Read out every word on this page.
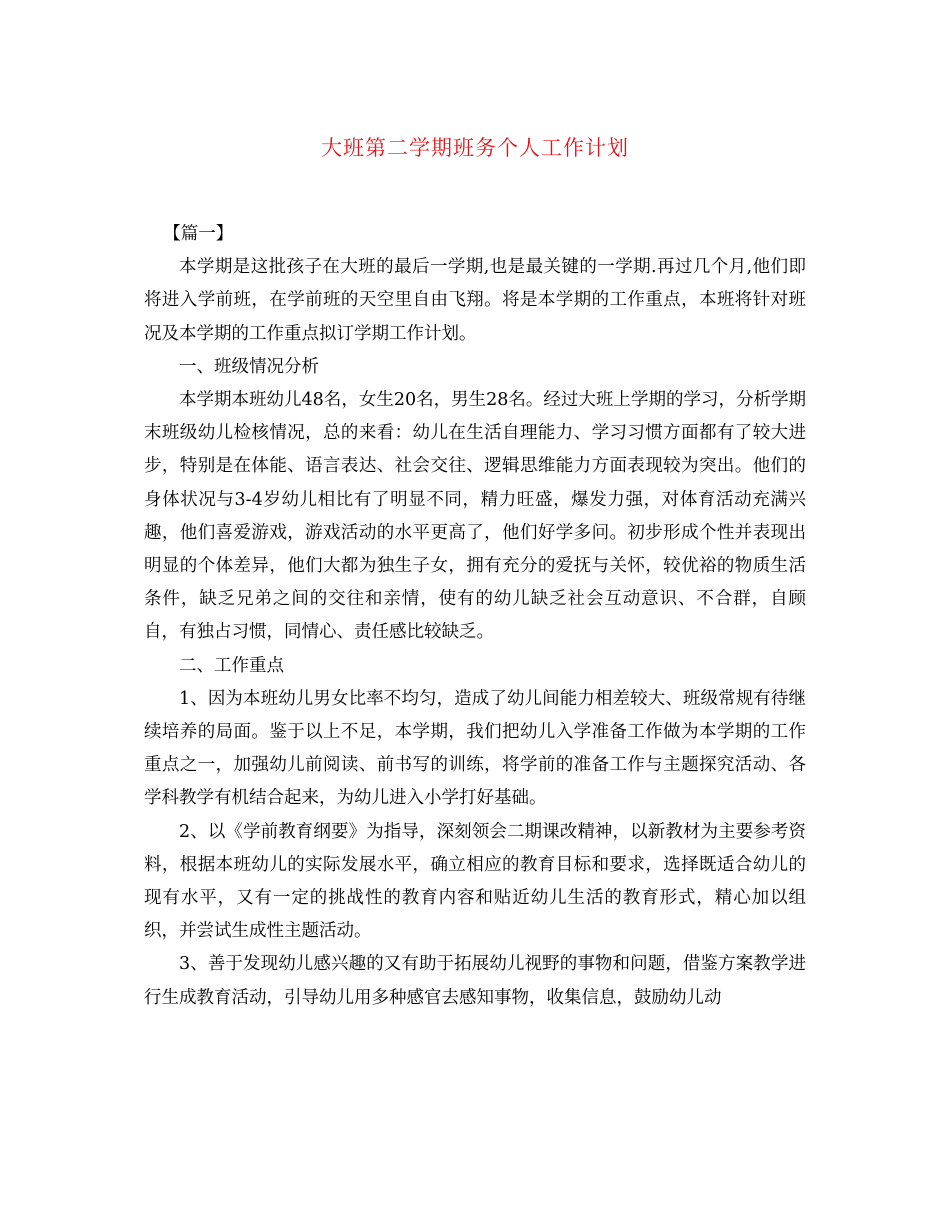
大班第二学期班务个人工作计划

【篇一】

本学期是这批孩子在大班的最后一学期,也是最关键的一学期.再过几个月,他们即将进入学前班，在学前班的天空里自由飞翔。将是本学期的工作重点，本班将针对班况及本学期的工作重点拟订学期工作计划。

一、班级情况分析

本学期本班幼儿48名，女生20名，男生28名。经过大班上学期的学习，分析学期末班级幼儿检核情况，总的来看：幼儿在生活自理能力、学习习惯方面都有了较大进步，特别是在体能、语言表达、社会交往、逻辑思维能力方面表现较为突出。他们的身体状况与3-4岁幼儿相比有了明显不同，精力旺盛，爆发力强，对体育活动充满兴趣，他们喜爱游戏，游戏活动的水平更高了，他们好学多问。初步形成个性并表现出明显的个体差异，他们大都为独生子女，拥有充分的爱抚与关怀，较优裕的物质生活条件，缺乏兄弟之间的交往和亲情，使有的幼儿缺乏社会互动意识、不合群，自顾自，有独占习惯，同情心、责任感比较缺乏。

二、工作重点

1、因为本班幼儿男女比率不均匀，造成了幼儿间能力相差较大、班级常规有待继续培养的局面。鉴于以上不足，本学期，我们把幼儿入学准备工作做为本学期的工作重点之一，加强幼儿前阅读、前书写的训练，将学前的准备工作与主题探究活动、各学科教学有机结合起来，为幼儿进入小学打好基础。

2、以《学前教育纲要》为指导，深刻领会二期课改精神，以新教材为主要参考资料，根据本班幼儿的实际发展水平，确立相应的教育目标和要求，选择既适合幼儿的现有水平，又有一定的挑战性的教育内容和贴近幼儿生活的教育形式，精心加以组织，并尝试生成性主题活动。

3、善于发现幼儿感兴趣的又有助于拓展幼儿视野的事物和问题，借鉴方案教学进行生成教育活动，引导幼儿用多种感官去感知事物，收集信息，鼓励幼儿动
